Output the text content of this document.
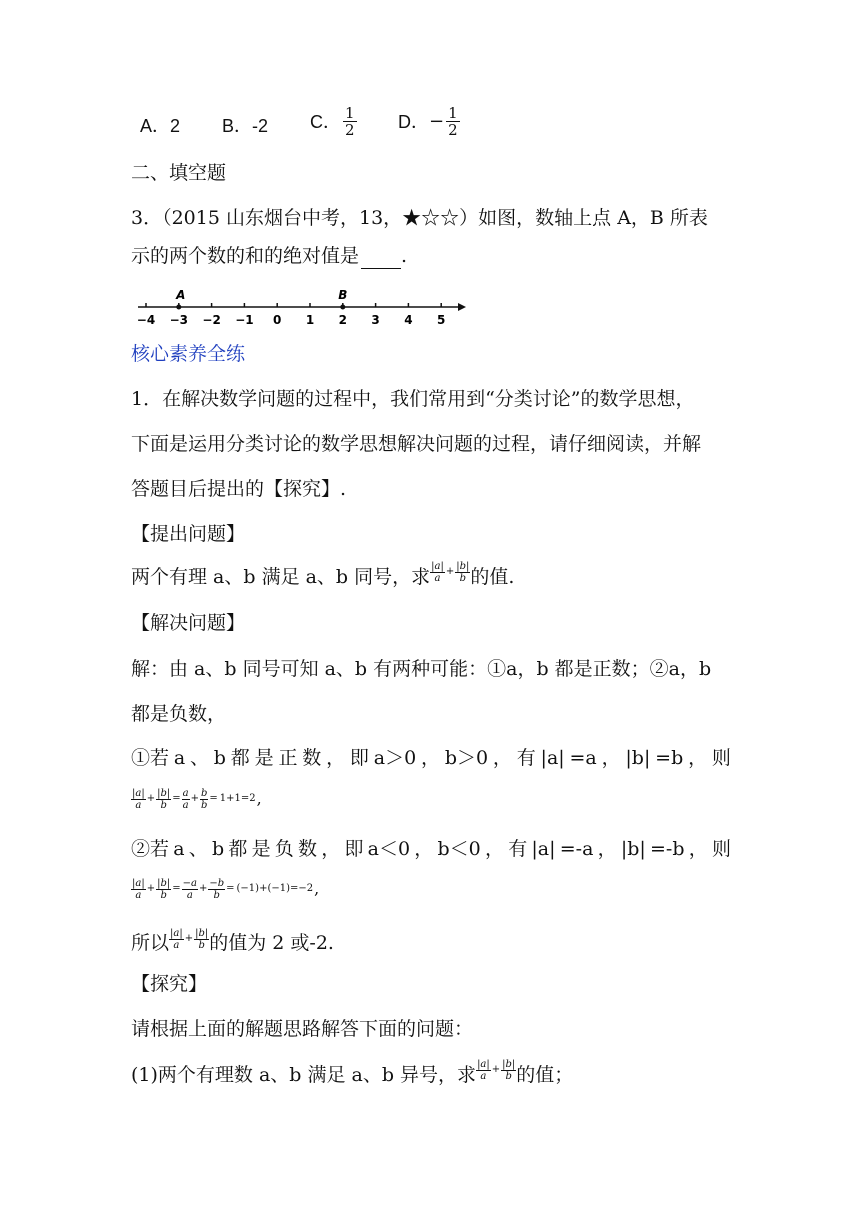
A．2 B．-2 C． $\frac{1}{2}$ D． − $\frac{1}{2}$
二、填空题
3．（2015 山东烟台中考，13，★☆☆）如图，数轴上点 A，B 所表
示的两个数的和的绝对值是 .
−4 −3 −2 −1 0 1 2 3 4 5
A	B
核心素养全练
1．在解决数学问题的过程中，我们常用到“分类讨论”的数学思想，
下面是运用分类讨论的数学思想解决问题的过程，请仔细阅读，并解
答题目后提出的【探究】.
【提出问题】
两个有理 a、b 满足 a、b 同号，求 $\frac{|a|}{a} + \frac{|b|}{b}$ 的值.
【解决问题】
解：由 a、b 同号可知 a、b 有两种可能：①a，b 都是正数；②a，b
都是负数，
①若 a 、 b 都 是 正 数 ， 即 a＞0 ， b＞0 ， 有 |a| =a ， |b| =b ， 则
$\frac{|a|}{a} + \frac{|b|}{b} = \frac{a}{a} + \frac{b}{b} = 1+1=2$ ,
②若 a 、 b 都 是 负 数 ， 即 a＜0 ， b＜0 ， 有 |a| =-a ， |b| =-b ， 则
$\frac{|a|}{a} + \frac{|b|}{b} = \frac{-a}{a} + \frac{-b}{b} = (-1)+(-1)=-2$ ,
所以 $\frac{|a|}{a} + \frac{|b|}{b}$ 的值为 2 或-2.
【探究】
请根据上面的解题思路解答下面的问题：
(1)两个有理数 a、b 满足 a、b 异号，求 $\frac{|a|}{a} + \frac{|b|}{b}$ 的值；
